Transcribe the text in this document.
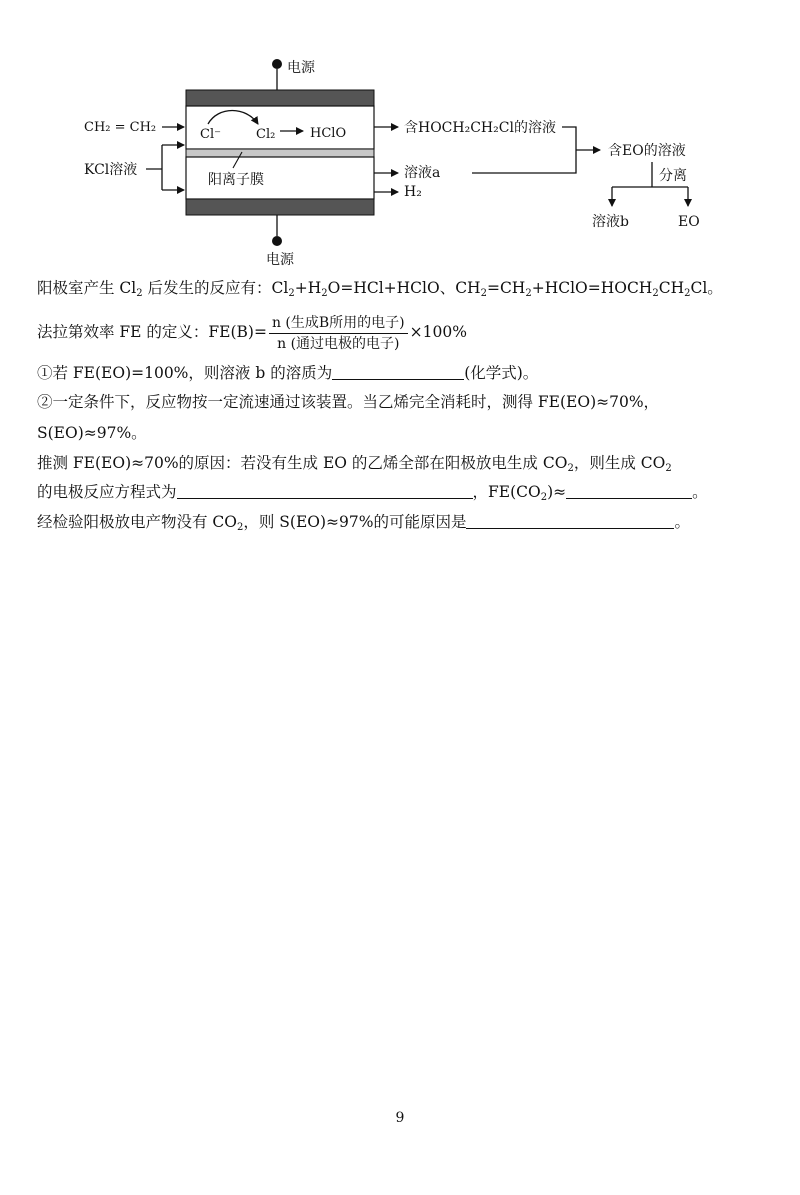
电源
Cl⁻	Cl₂	HClO
阳离子膜
CH₂ = CH₂
KCl溶液
含HOCH₂CH₂Cl的溶液
溶液a
H₂
含EO的溶液
分离
溶液b	EO
电源
阳极室产生 $Cl_2$ 后发生的反应有：$Cl_2+H_2O=HCl+HClO$、$CH_2=CH_2+HClO=HOCH_2CH_2Cl$。
法拉第效率 FE 的定义：$FE(B)= \frac{\text{n (生成B所用的电子)}}{\text{n (通过电极的电子)}} \times 100\%$
①若 FE(EO)=100%，则溶液 b 的溶质为	(化学式)。
②一定条件下，反应物按一定流速通过该装置。当乙烯完全消耗时，测得 FE(EO)≈70%，
S(EO)≈97%。
推测 FE(EO)≈70%的原因：若没有生成 EO 的乙烯全部在阳极放电生成 $CO_2$，则生成 $CO_2$
的电极反应方程式为	，$FE(CO_2)\approx$	。
经检验阳极放电产物没有 $CO_2$，则 S(EO)≈97%的可能原因是	。
9
